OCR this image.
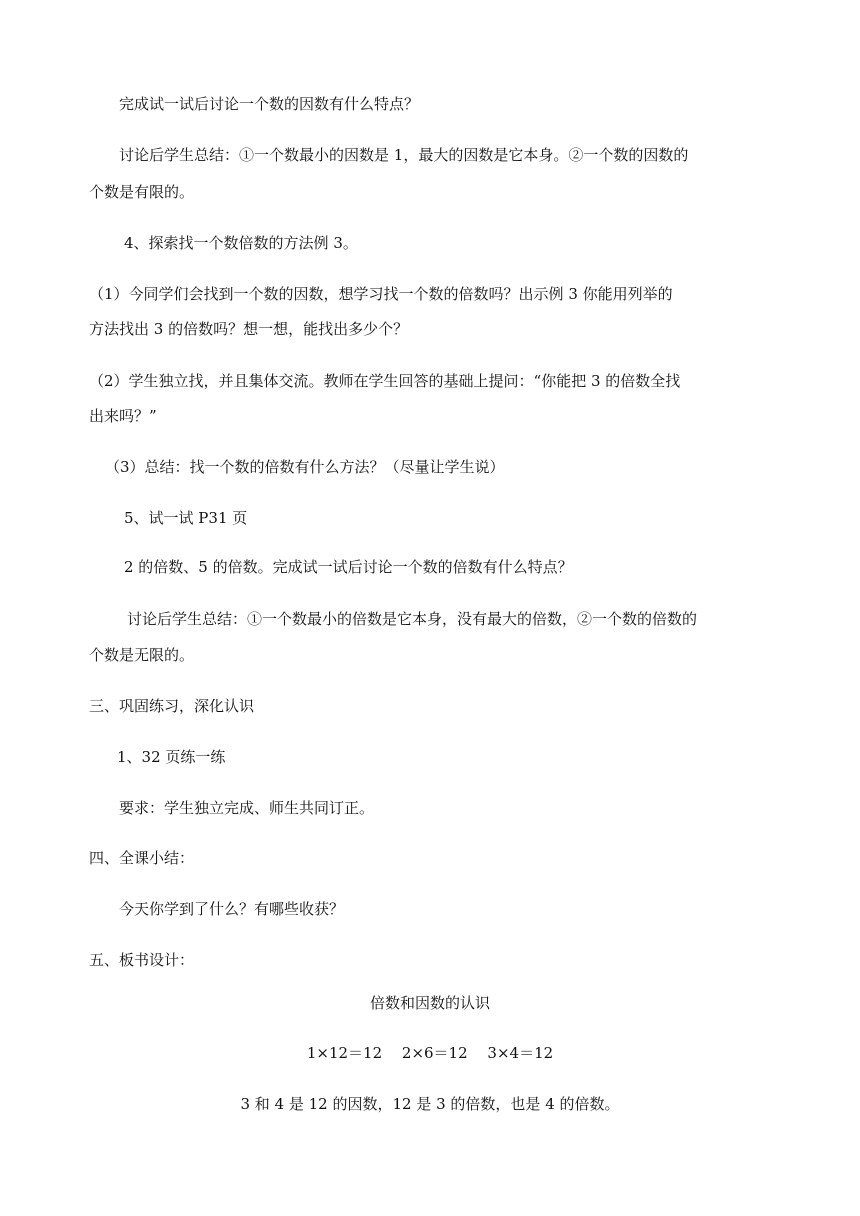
完成试一试后讨论一个数的因数有什么特点？
讨论后学生总结：①一个数最小的因数是 1，最大的因数是它本身。②一个数的因数的
个数是有限的。
4、探索找一个数倍数的方法例 3。
（1）今同学们会找到一个数的因数，想学习找一个数的倍数吗？出示例 3 你能用列举的
方法找出 3 的倍数吗？想一想，能找出多少个？
（2）学生独立找，并且集体交流。教师在学生回答的基础上提问：“你能把 3 的倍数全找
出来吗？”
（3）总结：找一个数的倍数有什么方法？（尽量让学生说）
5、试一试 P31 页
2 的倍数、5 的倍数。完成试一试后讨论一个数的倍数有什么特点？
讨论后学生总结：①一个数最小的倍数是它本身，没有最大的倍数，②一个数的倍数的
个数是无限的。
三、巩固练习，深化认识
1、32 页练一练
要求：学生独立完成、师生共同订正。
四、全课小结：
今天你学到了什么？有哪些收获？
五、板书设计：
倍数和因数的认识
1×12＝12　 2×6＝12　 3×4＝12
3 和 4 是 12 的因数，12 是 3 的倍数，也是 4 的倍数。
